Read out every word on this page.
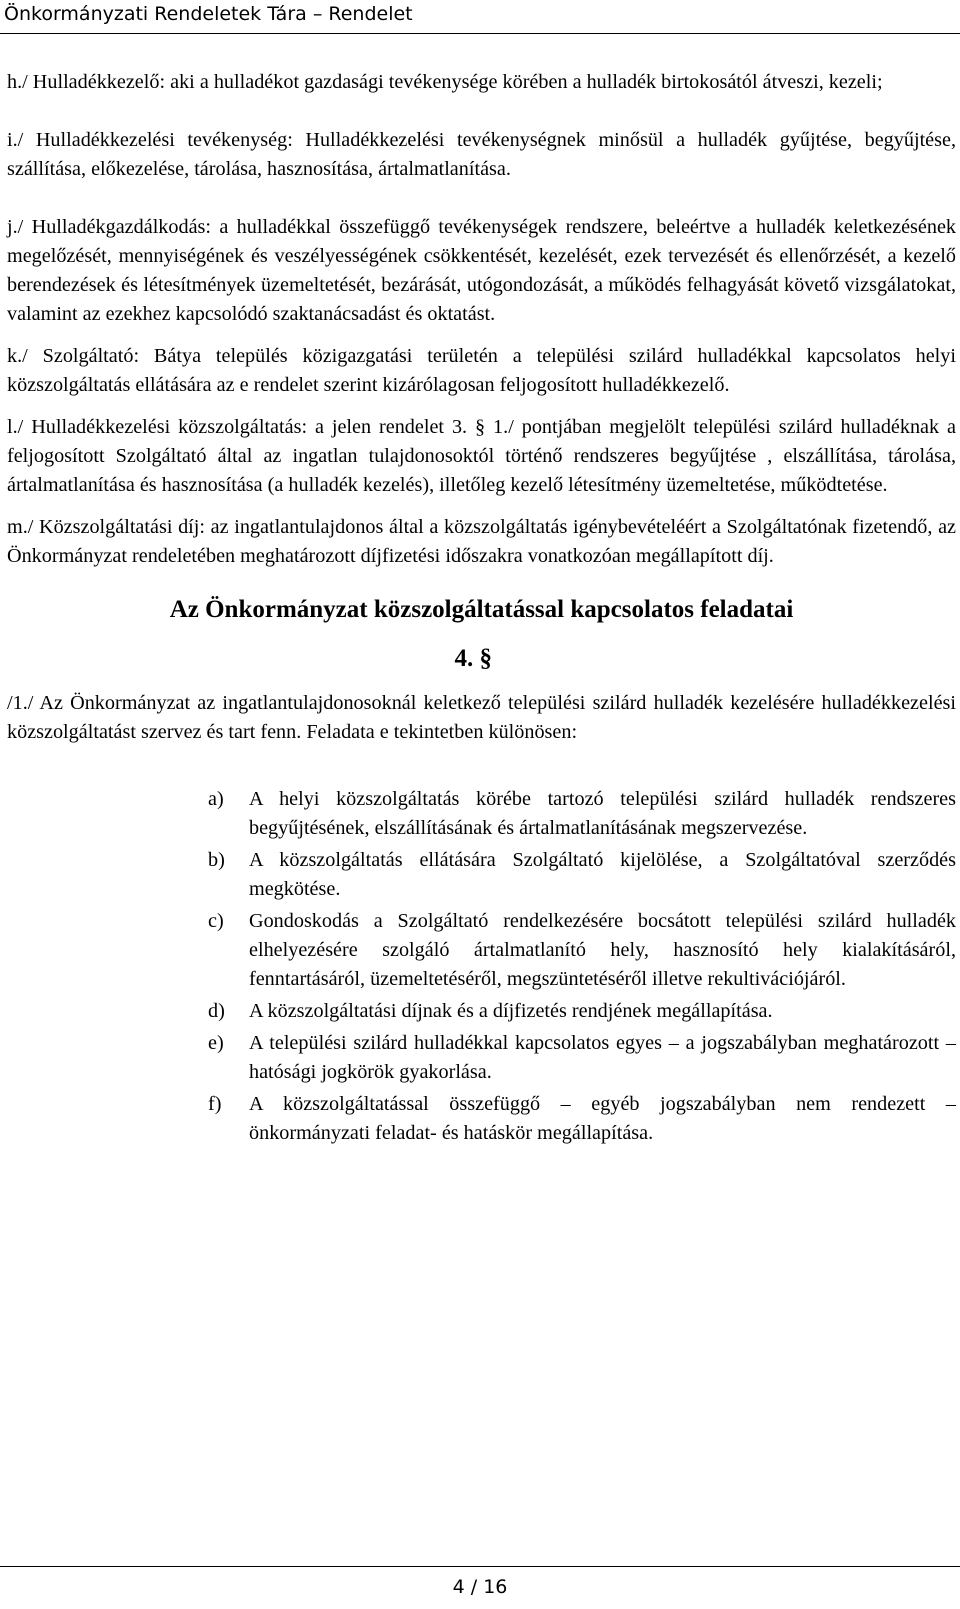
Önkormányzati Rendeletek Tára – Rendelet

h./ Hulladékkezelő: aki a hulladékot gazdasági tevékenysége körében a hulladék birtokosától átveszi, kezeli;

i./ Hulladékkezelési tevékenység: Hulladékkezelési tevékenységnek minősül a hulladék gyűjtése, begyűjtése, szállítása, előkezelése, tárolása, hasznosítása, ártalmatlanítása.

j./ Hulladékgazdálkodás: a hulladékkal összefüggő tevékenységek rendszere, beleértve a hulladék keletkezésének megelőzését, mennyiségének és veszélyességének csökkentését, kezelését, ezek tervezését és ellenőrzését, a kezelő berendezések és létesítmények üzemeltetését, bezárását, utógondozását, a működés felhagyását követő vizsgálatokat, valamint az ezekhez kapcsolódó szaktanácsadást és oktatást.

k./ Szolgáltató: Bátya település közigazgatási területén a települési szilárd hulladékkal kapcsolatos helyi közszolgáltatás ellátására az e rendelet szerint kizárólagosan feljogosított hulladékkezelő.

l./ Hulladékkezelési közszolgáltatás: a jelen rendelet 3. § 1./ pontjában megjelölt települési szilárd hulladéknak a feljogosított Szolgáltató által az ingatlan tulajdonosoktól történő rendszeres begyűjtése , elszállítása, tárolása, ártalmatlanítása és hasznosítása (a hulladék kezelés), illetőleg kezelő létesítmény üzemeltetése, működtetése.

m./ Közszolgáltatási díj: az ingatlantulajdonos által a közszolgáltatás igénybevételéért a Szolgáltatónak fizetendő, az Önkormányzat rendeletében meghatározott díjfizetési időszakra vonatkozóan megállapított díj.

Az Önkormányzat közszolgáltatással kapcsolatos feladatai
4. §

/1./ Az Önkormányzat az ingatlantulajdonosoknál keletkező települési szilárd hulladék kezelésére hulladékkezelési közszolgáltatást szervez és tart fenn. Feladata e tekintetben különösen:

a) A helyi közszolgáltatás körébe tartozó települési szilárd hulladék rendszeres begyűjtésének, elszállításának és ártalmatlanításának megszervezése.
b) A közszolgáltatás ellátására Szolgáltató kijelölése, a Szolgáltatóval szerződés megkötése.
c) Gondoskodás a Szolgáltató rendelkezésére bocsátott települési szilárd hulladék elhelyezésére szolgáló ártalmatlanító hely, hasznosító hely kialakításáról, fenntartásáról, üzemeltetéséről, megszüntetéséről illetve rekultivációjáról.
d) A közszolgáltatási díjnak és a díjfizetés rendjének megállapítása.
e) A települési szilárd hulladékkal kapcsolatos egyes – a jogszabályban meghatározott – hatósági jogkörök gyakorlása.
f) A közszolgáltatással összefüggő – egyéb jogszabályban nem rendezett – önkormányzati feladat- és hatáskör megállapítása.
4 / 16
